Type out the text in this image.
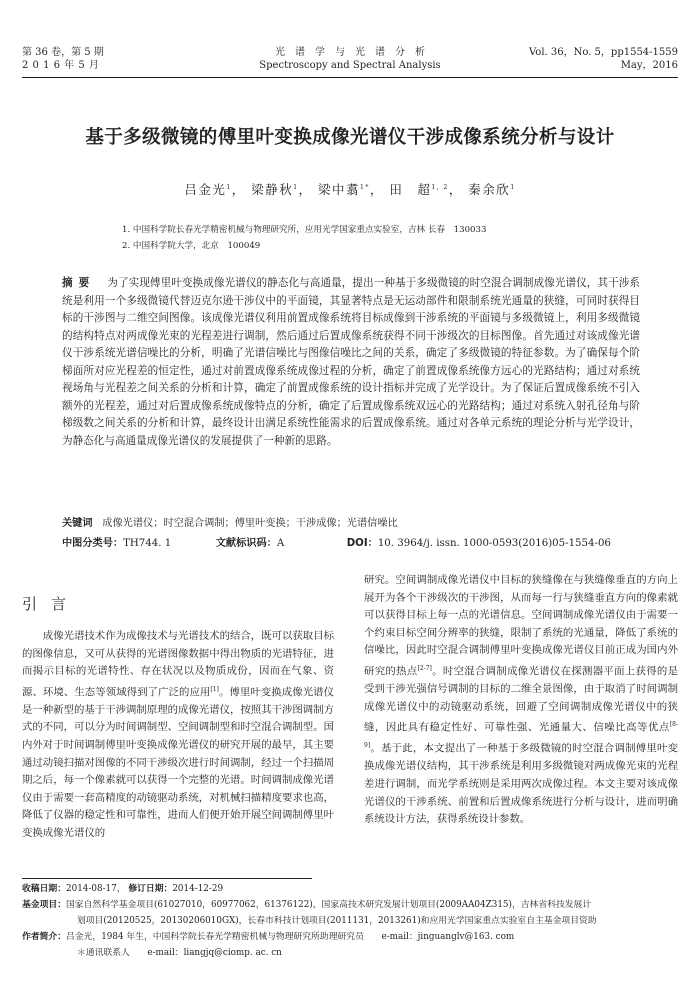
第 36 卷，第 5 期
2 0 1 6 年 5 月
光　谱　学　与　光　谱　分　析
Spectroscopy and Spectral Analysis
Vol. 36，No. 5，pp1554-1559
May，2016
基于多级微镜的傅里叶变换成像光谱仪干涉成像系统分析与设计
吕金光$^1$， 梁静秋$^1$， 梁中翥$^{1*}$， 田　超$^{1, 2}$， 秦余欣$^1$
1. 中国科学院长春光学精密机械与物理研究所，应用光学国家重点实验室，吉林 长春　130033
2. 中国科学院大学，北京　100049
摘要 为了实现傅里叶变换成像光谱仪的静态化与高通量，提出一种基于多级微镜的时空混合调制成像光谱仪，其干涉系统是利用一个多级微镜代替迈克尔逊干涉仪中的平面镜，其显著特点是无运动部件和限制系统光通量的狭缝，可同时获得目标的干涉图与二维空间图像。该成像光谱仪利用前置成像系统将目标成像到干涉系统的平面镜与多级微镜上，利用多级微镜的结构特点对两成像光束的光程差进行调制，然后通过后置成像系统获得不同干涉级次的目标图像。首先通过对该成像光谱仪干涉系统光谱信噪比的分析，明确了光谱信噪比与图像信噪比之间的关系，确定了多级微镜的特征参数。为了确保每个阶梯面所对应光程差的恒定性，通过对前置成像系统成像过程的分析，确定了前置成像系统像方远心的光路结构；通过对系统视场角与光程差之间关系的分析和计算，确定了前置成像系统的设计指标并完成了光学设计。为了保证后置成像系统不引入额外的光程差，通过对后置成像系统成像特点的分析，确定了后置成像系统双远心的光路结构；通过对系统入射孔径角与阶梯级数之间关系的分析和计算，最终设计出满足系统性能需求的后置成像系统。通过对各单元系统的理论分析与光学设计，为静态化与高通量成像光谱仪的发展提供了一种新的思路。
关键词 成像光谱仪；时空混合调制；傅里叶变换；干涉成像；光谱信噪比
中图分类号：TH744. 1	文献标识码：A	DOI：10. 3964/j. issn. 1000-0593(2016)05-1554-06
引言

成像光谱技术作为成像技术与光谱技术的结合，既可以获取目标的图像信息，又可从获得的光谱图像数据中得出物质的光谱特征，进而揭示目标的光谱特性、存在状况以及物质成份，因而在气象、资源、环境、生态等领域得到了广泛的应用[1]。傅里叶变换成像光谱仪是一种新型的基于干涉调制原理的成像光谱仪，按照其干涉图调制方式的不同，可以分为时间调制型、空间调制型和时空混合调制型。国内外对于时间调制傅里叶变换成像光谱仪的研究开展的最早，其主要通过动镜扫描对图像的不同干涉级次进行时间调制，经过一个扫描周期之后，每一个像素就可以获得一个完整的光谱。时间调制成像光谱仪由于需要一套高精度的动镜驱动系统，对机械扫描精度要求也高，降低了仪器的稳定性和可靠性，进而人们便开始开展空间调制傅里叶变换成像光谱仪的

研究。空间调制成像光谱仪中目标的狭缝像在与狭缝像垂直的方向上展开为各个干涉级次的干涉图，从而每一行与狭缝垂直方向的像素就可以获得目标上每一点的光谱信息。空间调制成像光谱仪由于需要一个约束目标空间分辨率的狭缝，限制了系统的光通量，降低了系统的信噪比，因此时空混合调制傅里叶变换成像光谱仪目前正成为国内外研究的热点[2-7]。时空混合调制成像光谱仪在探测器平面上获得的是受到干涉光强信号调制的目标的二维全景图像，由于取消了时间调制成像光谱仪中的动镜驱动系统，回避了空间调制成像光谱仪中的狭缝，因此具有稳定性好、可靠性强、光通量大、信噪比高等优点[8-9]。基于此，本文提出了一种基于多级微镜的时空混合调制傅里叶变换成像光谱仪结构，其干涉系统是利用多级微镜对两成像光束的光程差进行调制，而光学系统则是采用两次成像过程。本文主要对该成像光谱仪的干涉系统、前置和后置成像系统进行分析与设计，进而明确系统设计方法，获得系统设计参数。

收稿日期：2014-08-17， 修订日期：2014-12-29
基金项目：国家自然科学基金项目(61027010，60977062，61376122)，国家高技术研究发展计划项目(2009AA04Z315)，吉林省科技发展计
划项目(20120525，20130206010GX)，长春市科技计划项目(2011131，2013261)和应用光学国家重点实验室自主基金项目资助
作者简介：吕金光，1984 年生，中国科学院长春光学精密机械与物理研究所助理研究员　　e-mail：jinguanglv@163. com
＊通讯联系人　　e-mail：liangjq@ciomp. ac. cn
